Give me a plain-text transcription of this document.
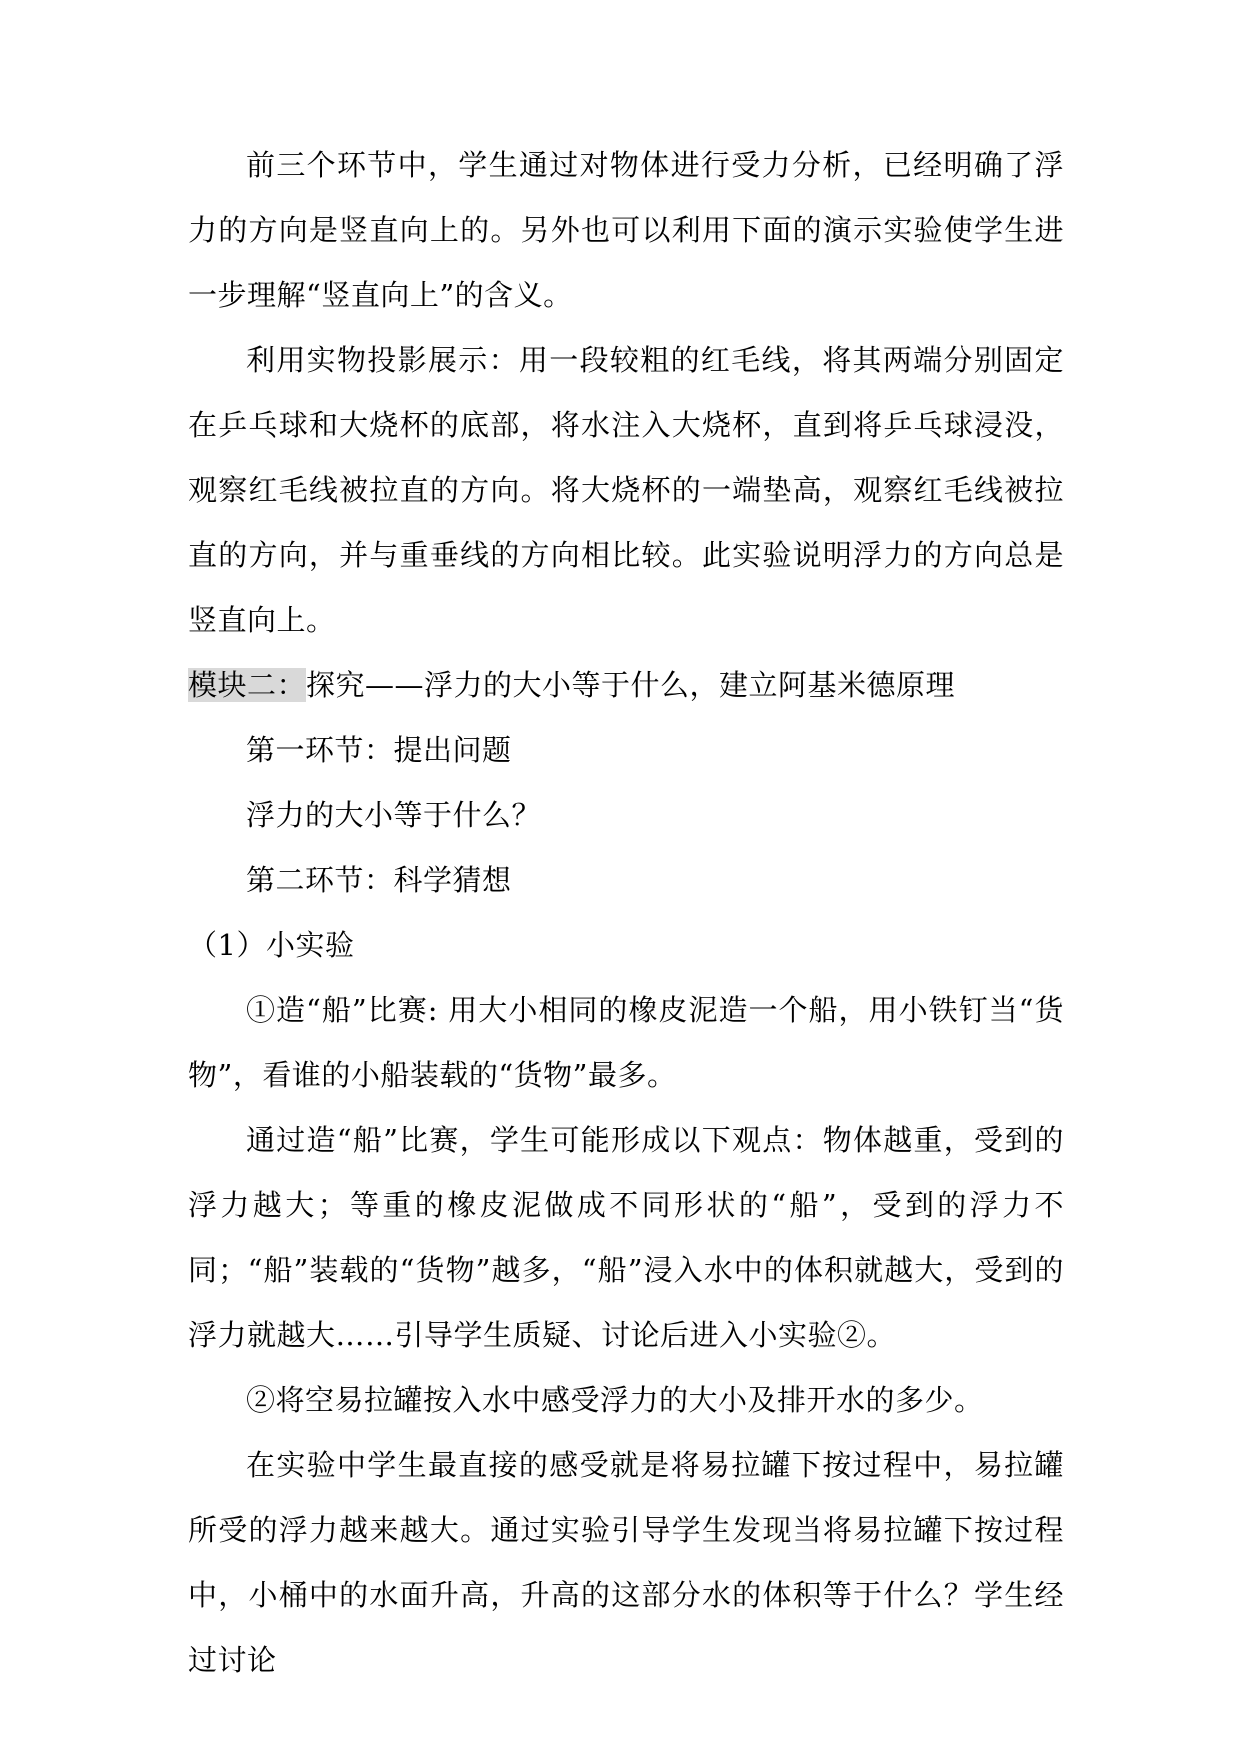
前三个环节中，学生通过对物体进行受力分析，已经明确了浮力的方向是竖直向上的。另外也可以利用下面的演示实验使学生进一步理解“竖直向上”的含义。

利用实物投影展示：用一段较粗的红毛线，将其两端分别固定在乒乓球和大烧杯的底部，将水注入大烧杯，直到将乒乓球浸没，观察红毛线被拉直的方向。将大烧杯的一端垫高，观察红毛线被拉直的方向，并与重垂线的方向相比较。此实验说明浮力的方向总是竖直向上。

模块二：探究——浮力的大小等于什么，建立阿基米德原理

第一环节：提出问题

浮力的大小等于什么？

第二环节：科学猜想

（1）小实验

①造“船”比赛: 用大小相同的橡皮泥造一个船，用小铁钉当“货物”，看谁的小船装载的“货物”最多。

通过造“船”比赛，学生可能形成以下观点：物体越重，受到的浮力越大；等重的橡皮泥做成不同形状的“船”，受到的浮力不同；“船”装载的“货物”越多，“船”浸入水中的体积就越大，受到的浮力就越大……引导学生质疑、讨论后进入小实验②。

②将空易拉罐按入水中感受浮力的大小及排开水的多少。

在实验中学生最直接的感受就是将易拉罐下按过程中，易拉罐所受的浮力越来越大。通过实验引导学生发现当将易拉罐下按过程中，小桶中的水面升高，升高的这部分水的体积等于什么？学生经过讨论
